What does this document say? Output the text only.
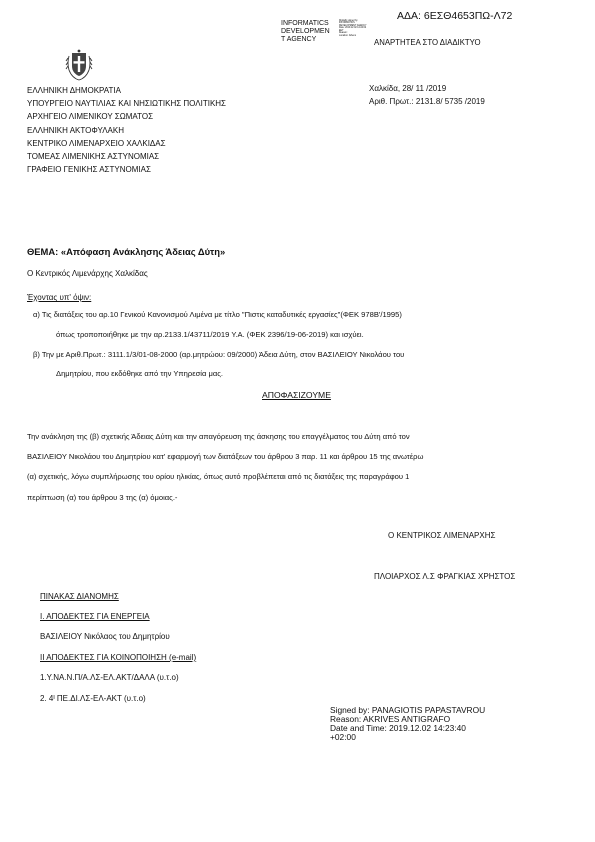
ΑΔΑ: 6ΕΣΘ4653ΠΩ-Λ72
INFORMATICS
DEVELOPMEN
T AGENCY
Digitally signed by
INFORMATICS
DEVELOPMENT AGENCY
Date: 2019.12.02 14:24:02
EET
Reason:
Location: Athens
ΑΝΑΡΤΗΤΕΑ ΣΤΟ ΔΙΑΔΙΚΤΥΟ
ΕΛΛΗΝΙΚΗ ΔΗΜΟΚΡΑΤΙΑ
ΥΠΟΥΡΓΕΙΟ ΝΑΥΤΙΛΙΑΣ ΚΑΙ ΝΗΣΙΩΤΙΚΗΣ ΠΟΛΙΤΙΚΗΣ
ΑΡΧΗΓΕΙΟ ΛΙΜΕΝΙΚΟΥ ΣΩΜΑΤΟΣ
ΕΛΛΗΝΙΚΗ ΑΚΤΟΦΥΛΑΚΗ
ΚΕΝΤΡΙΚΟ ΛΙΜΕΝΑΡΧΕΙΟ ΧΑΛΚΙΔΑΣ
ΤΟΜΕΑΣ ΛΙΜΕΝΙΚΗΣ ΑΣΤΥΝΟΜΙΑΣ
ΓΡΑΦΕΙΟ ΓΕΝΙΚΗΣ ΑΣΤΥΝΟΜΙΑΣ
Χαλκίδα, 28/ 11 /2019
Αριθ. Πρωτ.: 2131.8/ 5735 /2019
ΘΕΜΑ: «Απόφαση Ανάκλησης Άδειας Δύτη»
Ο Κεντρικός Λιμενάρχης Χαλκίδας
Έχοντας υπ' όψιν:
α) Τις διατάξεις του αρ.10 Γενικού Κανονισμού Λιμένα με τίτλο "Πιστις καταδυτικές εργασίες"(ΦΕΚ 978Β'/1995)
όπως τροποποιήθηκε με την αρ.2133.1/43711/2019 Υ.Α. (ΦΕΚ 2396/19-06-2019) και ισχύει.
β) Την με Αριθ.Πρωτ.: 3111.1/3/01-08-2000 (αρ.μητρώου: 09/2000) Άδεια Δύτη, στον ΒΑΣΙΛΕΙΟΥ Νικολάου του
Δημητρίου, που εκδόθηκε από την Υπηρεσία μας.
ΑΠΟΦΑΣΙΖΟΥΜΕ
Την ανάκληση της (β) σχετικής Άδειας Δύτη και την απαγόρευση της άσκησης του επαγγέλματος του Δύτη από τον
ΒΑΣΙΛΕΙΟΥ Νικολάου του Δημητρίου κατ' εφαρμογή των διατάξεων του άρθρου 3 παρ. 11 και άρθρου 15 της ανωτέρω
(α) σχετικής, λόγω συμπλήρωσης του ορίου ηλικίας, όπως αυτό προβλέπεται από τις διατάξεις της παραγράφου 1
περίπτωση (α) του άρθρου 3 της (α) όμοιας.-
Ο ΚΕΝΤΡΙΚΟΣ ΛΙΜΕΝΑΡΧΗΣ
ΠΛΟΙΑΡΧΟΣ Λ.Σ ΦΡΑΓΚΙΑΣ ΧΡΗΣΤΟΣ
ΠΙΝΑΚΑΣ ΔΙΑΝΟΜΗΣ
Ι. ΑΠΟΔΕΚΤΕΣ ΓΙΑ ΕΝΕΡΓΕΙΑ
ΒΑΣΙΛΕΙΟΥ Νικόλαος του Δημητρίου
ΙΙ ΑΠΟΔΕΚΤΕΣ ΓΙΑ ΚΟΙΝΟΠΟΙΗΣΗ (e-mail)
1.Υ.ΝΑ.Ν.Π/Α.ΛΣ-ΕΛ.ΑΚΤ/ΔΑΛΑ (υ.τ.ο)
2. 4ᴵ ΠΕ.ΔΙ.ΛΣ-ΕΛ-ΑΚΤ (υ.τ.ο)
Signed by: PANAGIOTIS PAPASTAVROU
Reason: AKRIVES ANTIGRAFO
Date and Time: 2019.12.02 14:23:40
+02:00
